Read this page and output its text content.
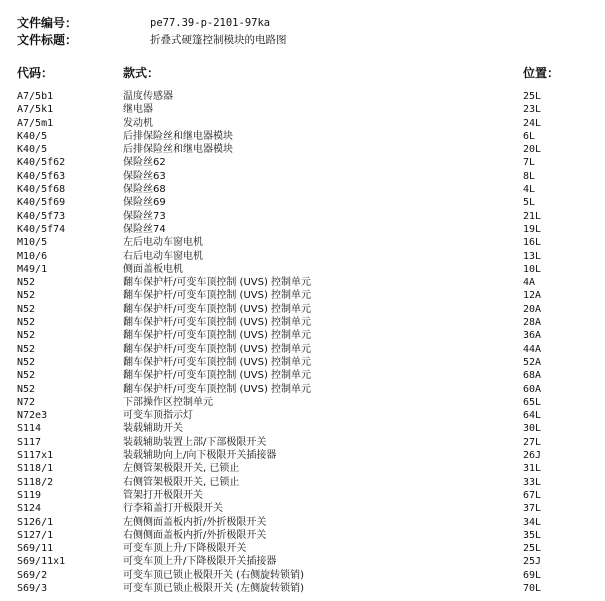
文件编号：	pe77.39-p-2101-97ka
文件标题：	折叠式硬篷控制模块的电路图
代码：	款式：	位置：
A7/5b1	温度传感器	25L
A7/5k1	继电器	23L
A7/5m1	发动机	24L
K40/5	后排保险丝和继电器模块	6L
K40/5	后排保险丝和继电器模块	20L
K40/5f62	保险丝62	7L
K40/5f63	保险丝63	8L
K40/5f68	保险丝68	4L
K40/5f69	保险丝69	5L
K40/5f73	保险丝73	21L
K40/5f74	保险丝74	19L
M10/5	左后电动车窗电机	16L
M10/6	右后电动车窗电机	13L
M49/1	侧面盖板电机	10L
N52	翻车保护杆/可变车顶控制 (UVS) 控制单元	4A
N52	翻车保护杆/可变车顶控制 (UVS) 控制单元	12A
N52	翻车保护杆/可变车顶控制 (UVS) 控制单元	20A
N52	翻车保护杆/可变车顶控制 (UVS) 控制单元	28A
N52	翻车保护杆/可变车顶控制 (UVS) 控制单元	36A
N52	翻车保护杆/可变车顶控制 (UVS) 控制单元	44A
N52	翻车保护杆/可变车顶控制 (UVS) 控制单元	52A
N52	翻车保护杆/可变车顶控制 (UVS) 控制单元	68A
N52	翻车保护杆/可变车顶控制 (UVS) 控制单元	60A
N72	下部操作区控制单元	65L
N72e3	可变车顶指示灯	64L
S114	装载辅助开关	30L
S117	装载辅助装置上部/下部极限开关	27L
S117x1	装载辅助向上/向下极限开关插接器	26J
S118/1	左侧管架极限开关, 已锁止	31L
S118/2	右侧管架极限开关, 已锁止	33L
S119	管架打开极限开关	67L
S124	行李箱盖打开极限开关	37L
S126/1	左侧侧面盖板内折/外折极限开关	34L
S127/1	右侧侧面盖板内折/外折极限开关	35L
S69/11	可变车顶上升/下降极限开关	25L
S69/11x1	可变车顶上升/下降极限开关插接器	25J
S69/2	可变车顶已锁止极限开关 (右侧旋转锁销)	69L
S69/3	可变车顶已锁止极限开关 (左侧旋转锁销)	70L
